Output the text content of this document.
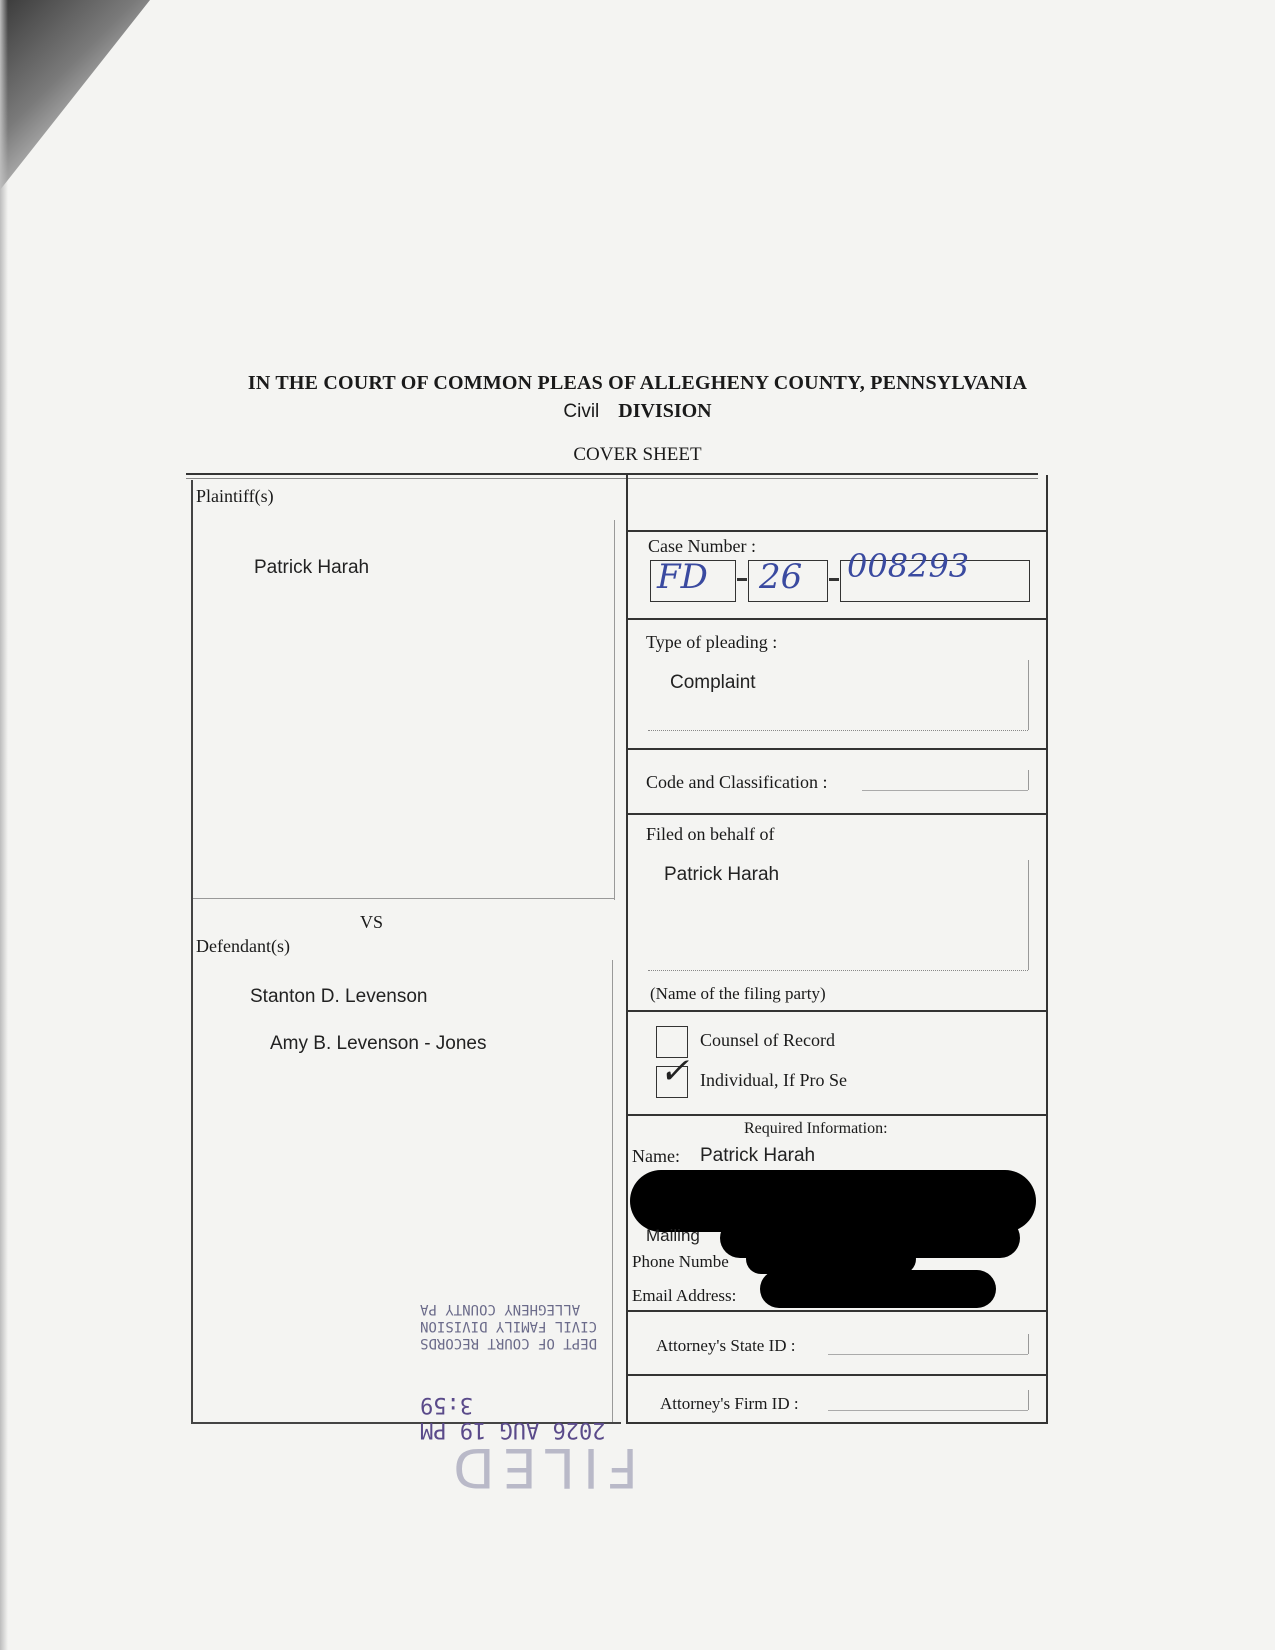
IN THE COURT OF COMMON PLEAS OF ALLEGHENY COUNTY, PENNSYLVANIA
Civil DIVISION
COVER SHEET
Plaintiff(s)
Patrick Harah
VS
Defendant(s)
Stanton D. Levenson
Amy B. Levenson - Jones
Case Number :
FD 26 008293
Type of pleading :
Complaint
Code and Classification :
Filed on behalf of
Patrick Harah
(Name of the filing party)
Counsel of Record
✓ Individual, If Pro Se
Required Information:
Name: Patrick Harah
Mailing
Phone Numbe
Email Address:
Attorney's State ID :
Attorney's Firm ID :
DEPT OF COURT RECORDS
CIVIL FAMILY DIVISION
ALLEGHENY COUNTY PA
2026 AUG 19 PM 3:59
FILED
